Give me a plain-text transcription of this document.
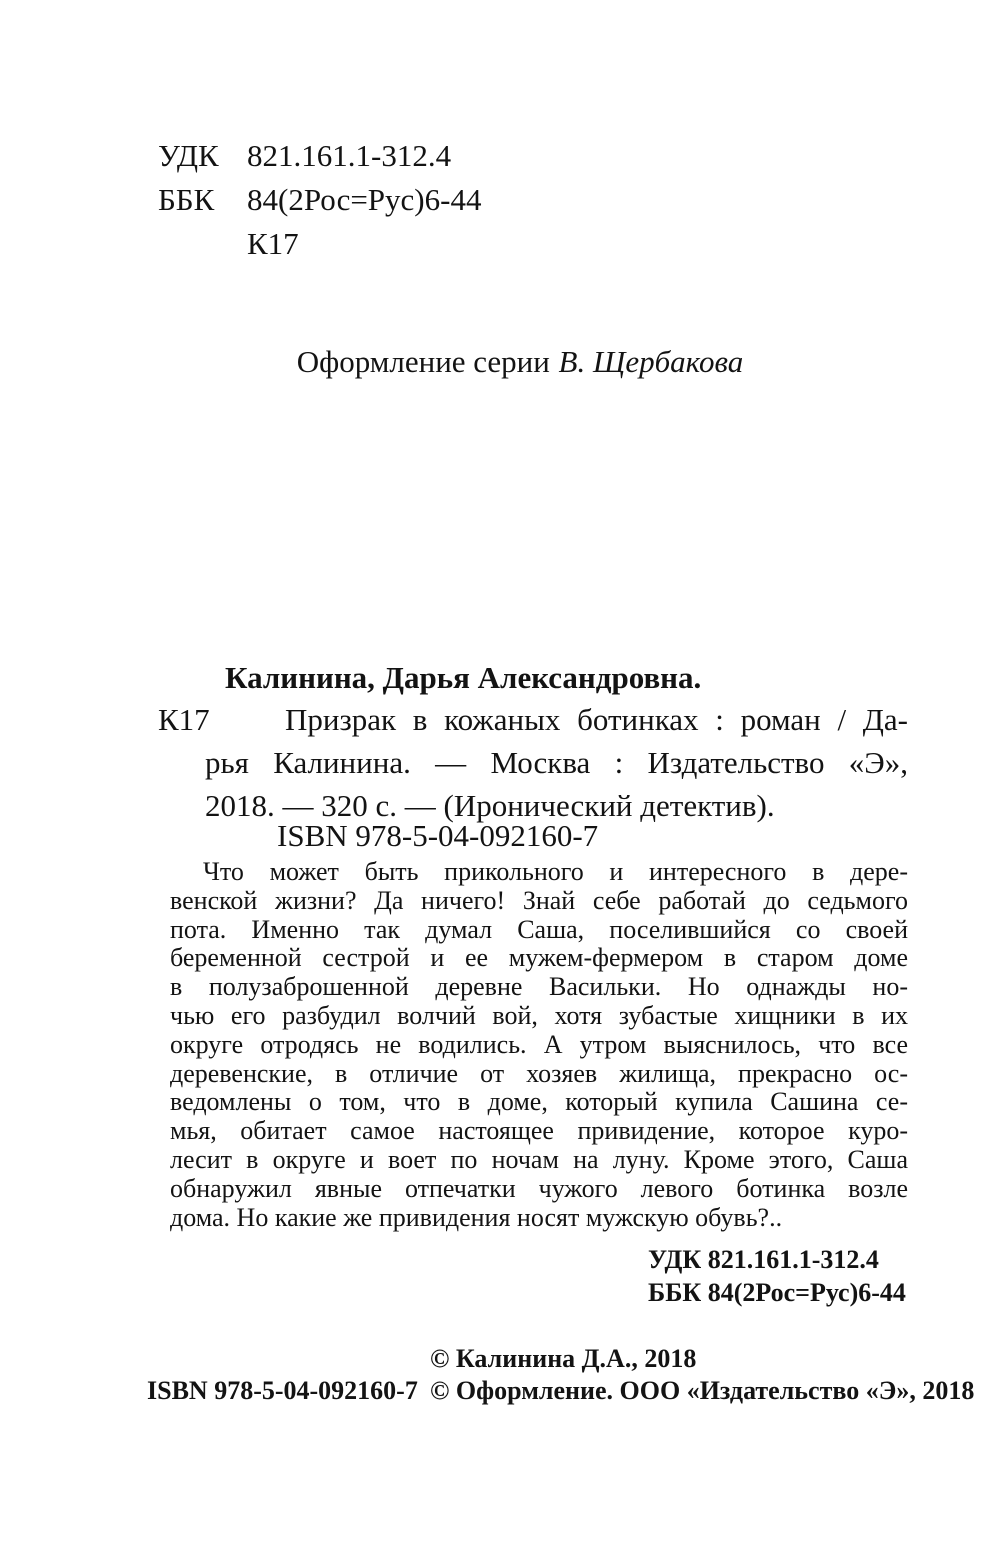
УДК 821.161.1-312.4
ББК	84(2Рос=Рус)6-44
К17
Оформление серии В. Щербакова
К17
Калинина, Дарья Александровна.
Призрак в кожаных ботинках : роман / Да-
рья Калинина. — Москва : Издательство «Э»,
2018. — 320 с. — (Иронический детектив).
ISBN 978-5-04-092160-7
Что может быть прикольного и интересного в дере-
венской жизни? Да ничего! Знай себе работай до седьмого
пота. Именно так думал Саша, поселившийся со своей
беременной сестрой и ее мужем-фермером в старом доме
в полузаброшенной деревне Васильки. Но однажды но-
чью его разбудил волчий вой, хотя зубастые хищники в их
округе отродясь не водились. А утром выяснилось, что все
деревенские, в отличие от хозяев жилища, прекрасно ос-
ведомлены о том, что в доме, который купила Сашина се-
мья, обитает самое настоящее привидение, которое куро-
лесит в округе и воет по ночам на луну. Кроме этого, Саша
обнаружил явные отпечатки чужого левого ботинка возле
дома. Но какие же привидения носят мужскую обувь?..
УДК 821.161.1-312.4
ББК 84(2Рос=Рус)6-44
ISBN 978-5-04-092160-7
© Калинина Д.А., 2018
© Оформление. ООО «Издательство «Э», 2018
